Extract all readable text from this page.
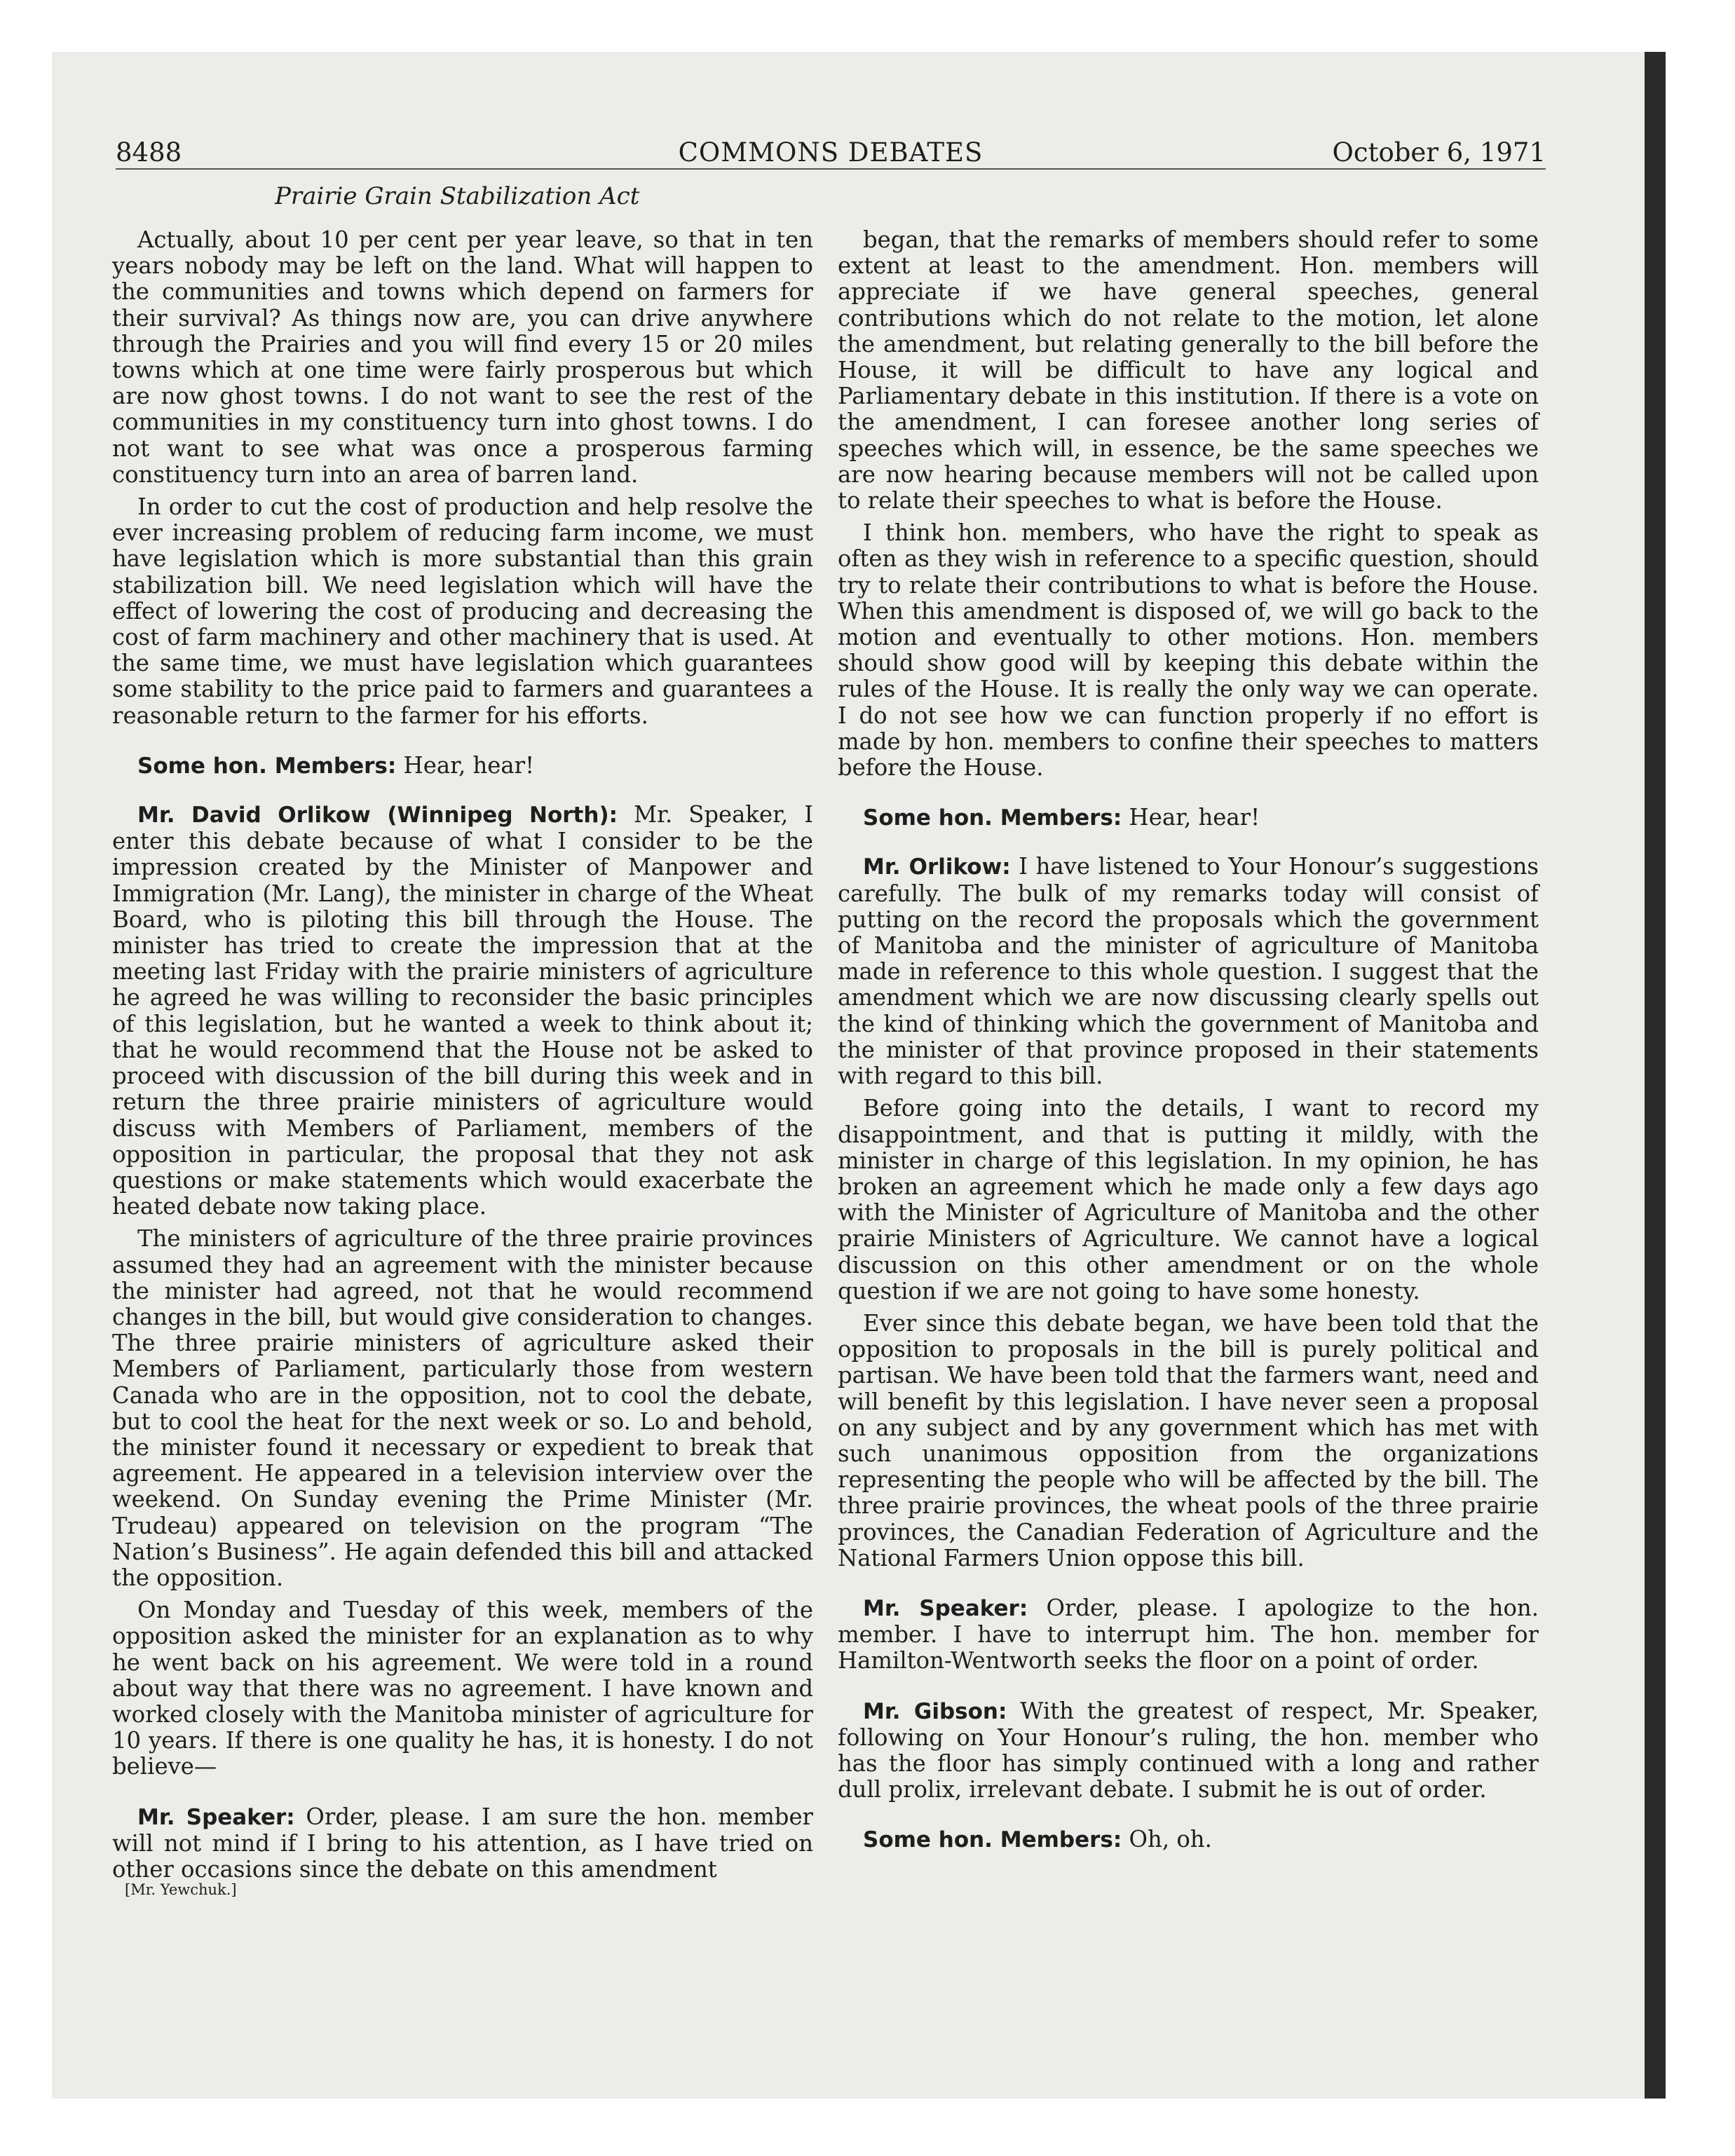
8488	COMMONS DEBATES	October 6, 1971
Prairie Grain Stabilization Act

Actually, about 10 per cent per year leave, so that in ten years nobody may be left on the land. What will happen to the communities and towns which depend on farmers for their survival? As things now are, you can drive anywhere through the Prairies and you will find every 15 or 20 miles towns which at one time were fairly prosperous but which are now ghost towns. I do not want to see the rest of the communities in my constituency turn into ghost towns. I do not want to see what was once a prosperous farming constituency turn into an area of barren land.

In order to cut the cost of production and help resolve the ever increasing problem of reducing farm income, we must have legislation which is more substantial than this grain stabilization bill. We need legislation which will have the effect of lowering the cost of producing and decreasing the cost of farm machinery and other machinery that is used. At the same time, we must have legislation which guarantees some stability to the price paid to farmers and guarantees a reasonable return to the farmer for his efforts.

Some hon. Members: Hear, hear!

Mr. David Orlikow (Winnipeg North): Mr. Speaker, I enter this debate because of what I consider to be the impression created by the Minister of Manpower and Immigration (Mr. Lang), the minister in charge of the Wheat Board, who is piloting this bill through the House. The minister has tried to create the impression that at the meeting last Friday with the prairie ministers of agriculture he agreed he was willing to reconsider the basic principles of this legislation, but he wanted a week to think about it; that he would recommend that the House not be asked to proceed with discussion of the bill during this week and in return the three prairie ministers of agriculture would discuss with Members of Parliament, members of the opposition in particular, the proposal that they not ask questions or make statements which would exacerbate the heated debate now taking place.

The ministers of agriculture of the three prairie provinces assumed they had an agreement with the minister because the minister had agreed, not that he would recommend changes in the bill, but would give consideration to changes. The three prairie ministers of agriculture asked their Members of Parliament, particularly those from western Canada who are in the opposition, not to cool the debate, but to cool the heat for the next week or so. Lo and behold, the minister found it necessary or expedient to break that agreement. He appeared in a television interview over the weekend. On Sunday evening the Prime Minister (Mr. Trudeau) appeared on television on the program “The Nation’s Business”. He again defended this bill and attacked the opposition.

On Monday and Tuesday of this week, members of the opposition asked the minister for an explanation as to why he went back on his agreement. We were told in a round about way that there was no agreement. I have known and worked closely with the Manitoba minister of agriculture for 10 years. If there is one quality he has, it is honesty. I do not believe—

Mr. Speaker: Order, please. I am sure the hon. member will not mind if I bring to his attention, as I have tried on other occasions since the debate on this amendment

began, that the remarks of members should refer to some extent at least to the amendment. Hon. members will appreciate if we have general speeches, general contributions which do not relate to the motion, let alone the amendment, but relating generally to the bill before the House, it will be difficult to have any logical and Parliamentary debate in this institution. If there is a vote on the amendment, I can foresee another long series of speeches which will, in essence, be the same speeches we are now hearing because members will not be called upon to relate their speeches to what is before the House.

I think hon. members, who have the right to speak as often as they wish in reference to a specific question, should try to relate their contributions to what is before the House. When this amendment is disposed of, we will go back to the motion and eventually to other motions. Hon. members should show good will by keeping this debate within the rules of the House. It is really the only way we can operate. I do not see how we can function properly if no effort is made by hon. members to confine their speeches to matters before the House.

Some hon. Members: Hear, hear!

Mr. Orlikow: I have listened to Your Honour’s suggestions carefully. The bulk of my remarks today will consist of putting on the record the proposals which the government of Manitoba and the minister of agriculture of Manitoba made in reference to this whole question. I suggest that the amendment which we are now discussing clearly spells out the kind of thinking which the government of Manitoba and the minister of that province proposed in their statements with regard to this bill.

Before going into the details, I want to record my disappointment, and that is putting it mildly, with the minister in charge of this legislation. In my opinion, he has broken an agreement which he made only a few days ago with the Minister of Agriculture of Manitoba and the other prairie Ministers of Agriculture. We cannot have a logical discussion on this other amendment or on the whole question if we are not going to have some honesty.

Ever since this debate began, we have been told that the opposition to proposals in the bill is purely political and partisan. We have been told that the farmers want, need and will benefit by this legislation. I have never seen a proposal on any subject and by any government which has met with such unanimous opposition from the organizations representing the people who will be affected by the bill. The three prairie provinces, the wheat pools of the three prairie provinces, the Canadian Federation of Agriculture and the National Farmers Union oppose this bill.

Mr. Speaker: Order, please. I apologize to the hon. member. I have to interrupt him. The hon. member for Hamilton-Wentworth seeks the floor on a point of order.

Mr. Gibson: With the greatest of respect, Mr. Speaker, following on Your Honour’s ruling, the hon. member who has the floor has simply continued with a long and rather dull prolix, irrelevant debate. I submit he is out of order.

Some hon. Members: Oh, oh.

[Mr. Yewchuk.]
